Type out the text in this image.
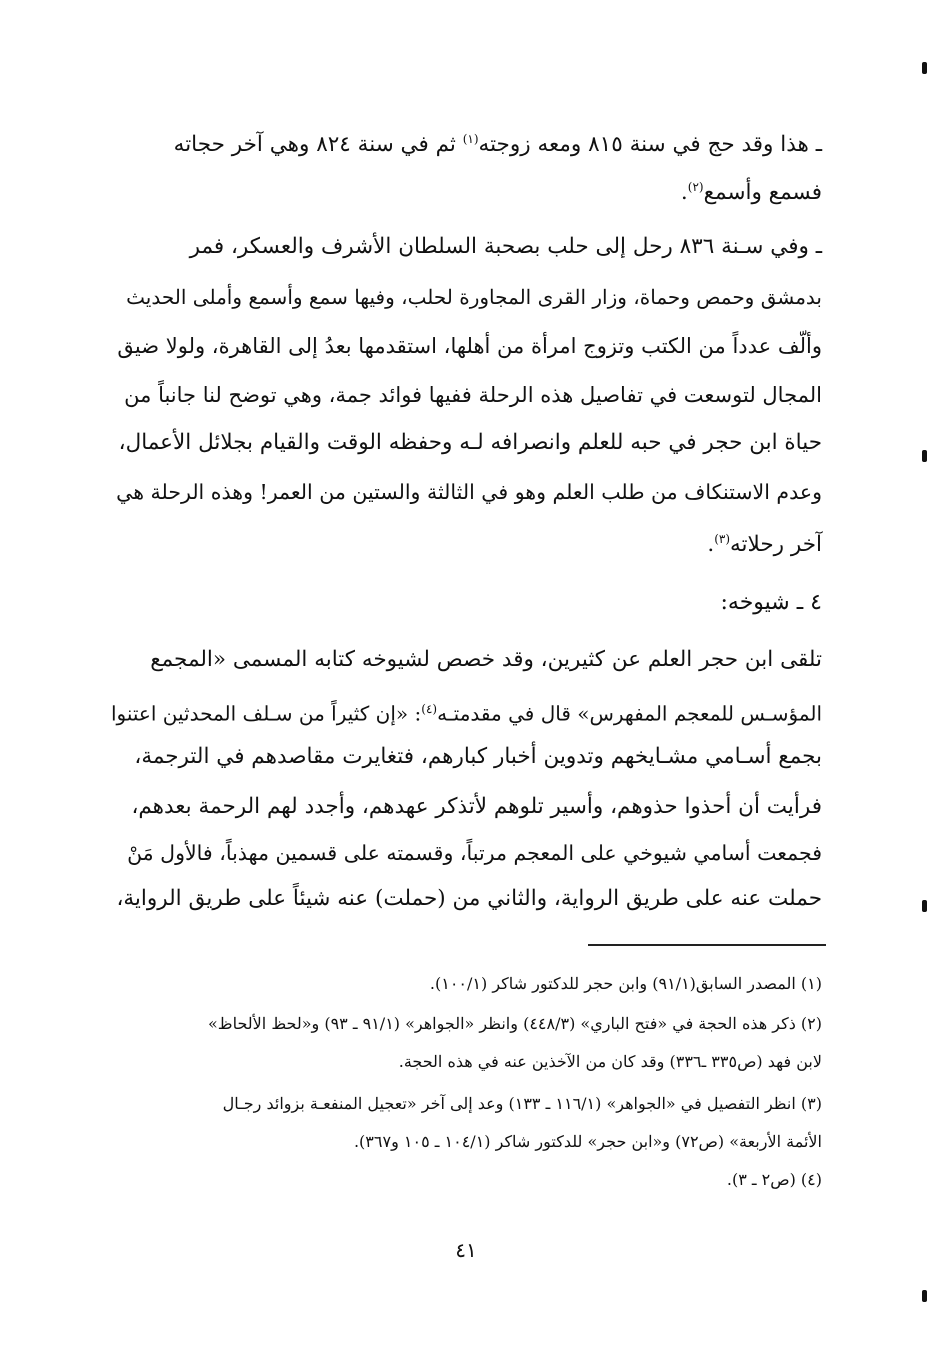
ـ هذا وقد حج في سنة ٨١٥ ومعه زوجته$^{(١)}$ ثم في سنة ٨٢٤ وهي آخر حجاته
فسمع وأسمع$^{(٢)}$.
ـ وفي سـنة ٨٣٦ رحل إلى حلب بصحبة السلطان الأشرف والعسكر، فمر
بدمشق وحمص وحماة، وزار القرى المجاورة لحلب، وفيها سمع وأسمع وأملى الحديث
وألّف عدداً من الكتب وتزوج امرأة من أهلها، استقدمها بعدُ إلى القاهرة، ولولا ضيق
المجال لتوسعت في تفاصيل هذه الرحلة ففيها فوائد جمة، وهي توضح لنا جانباً من
حياة ابن حجر في حبه للعلم وانصرافه لـه وحفظه الوقت والقيام بجلائل الأعمال،
وعدم الاستنكاف من طلب العلم وهو في الثالثة والستين من العمر! وهذه الرحلة هي
آخر رحلاته$^{(٣)}$.
٤ ـ شيوخه:
تلقى ابن حجر العلم عن كثيرين، وقد خصص لشيوخه كتابه المسمى «المجمع
المؤسـس للمعجم المفهرس» قال في مقدمتـه$^{(٤)}$: «إن كثيراً من سـلف المحدثين اعتنوا
بجمع أسـامي مشـايخهم وتدوين أخبار كبارهم، فتغايرت مقاصدهم في الترجمة،
فرأيت أن أحذوا حذوهم، وأسير تلوهم لأتذكر عهدهم، وأجدد لهم الرحمة بعدهم،
فجمعت أسامي شيوخي على المعجم مرتباً، وقسمته على قسمين مهذباً، فالأول مَنْ
حملت عنه على طريق الرواية، والثاني من (حملت) عنه شيئاً على طريق الرواية،
(١) المصدر السابق(٩١/١) وابن حجر للدكتور شاكر (١٠٠/١).
(٢) ذكر هذه الحجة في «فتح الباري» (٤٤٨/٣) وانظر «الجواهر» (٩١/١ ـ ٩٣) و«لحظ الألحاظ»
لابن فهد (ص٣٣٥ ـ٣٣٦) وقد كان من الآخذين عنه في هذه الحجة.
(٣) انظر التفصيل في «الجواهر» (١١٦/١ ـ ١٣٣) وعد إلى آخر «تعجيل المنفعـة بزوائد رجـال
الأئمة الأربعة» (ص٧٢) و«ابن حجر» للدكتور شاكر (١٠٤/١ ـ ١٠٥ و٣٦٧).
(٤) (ص٢ ـ ٣).
٤١
